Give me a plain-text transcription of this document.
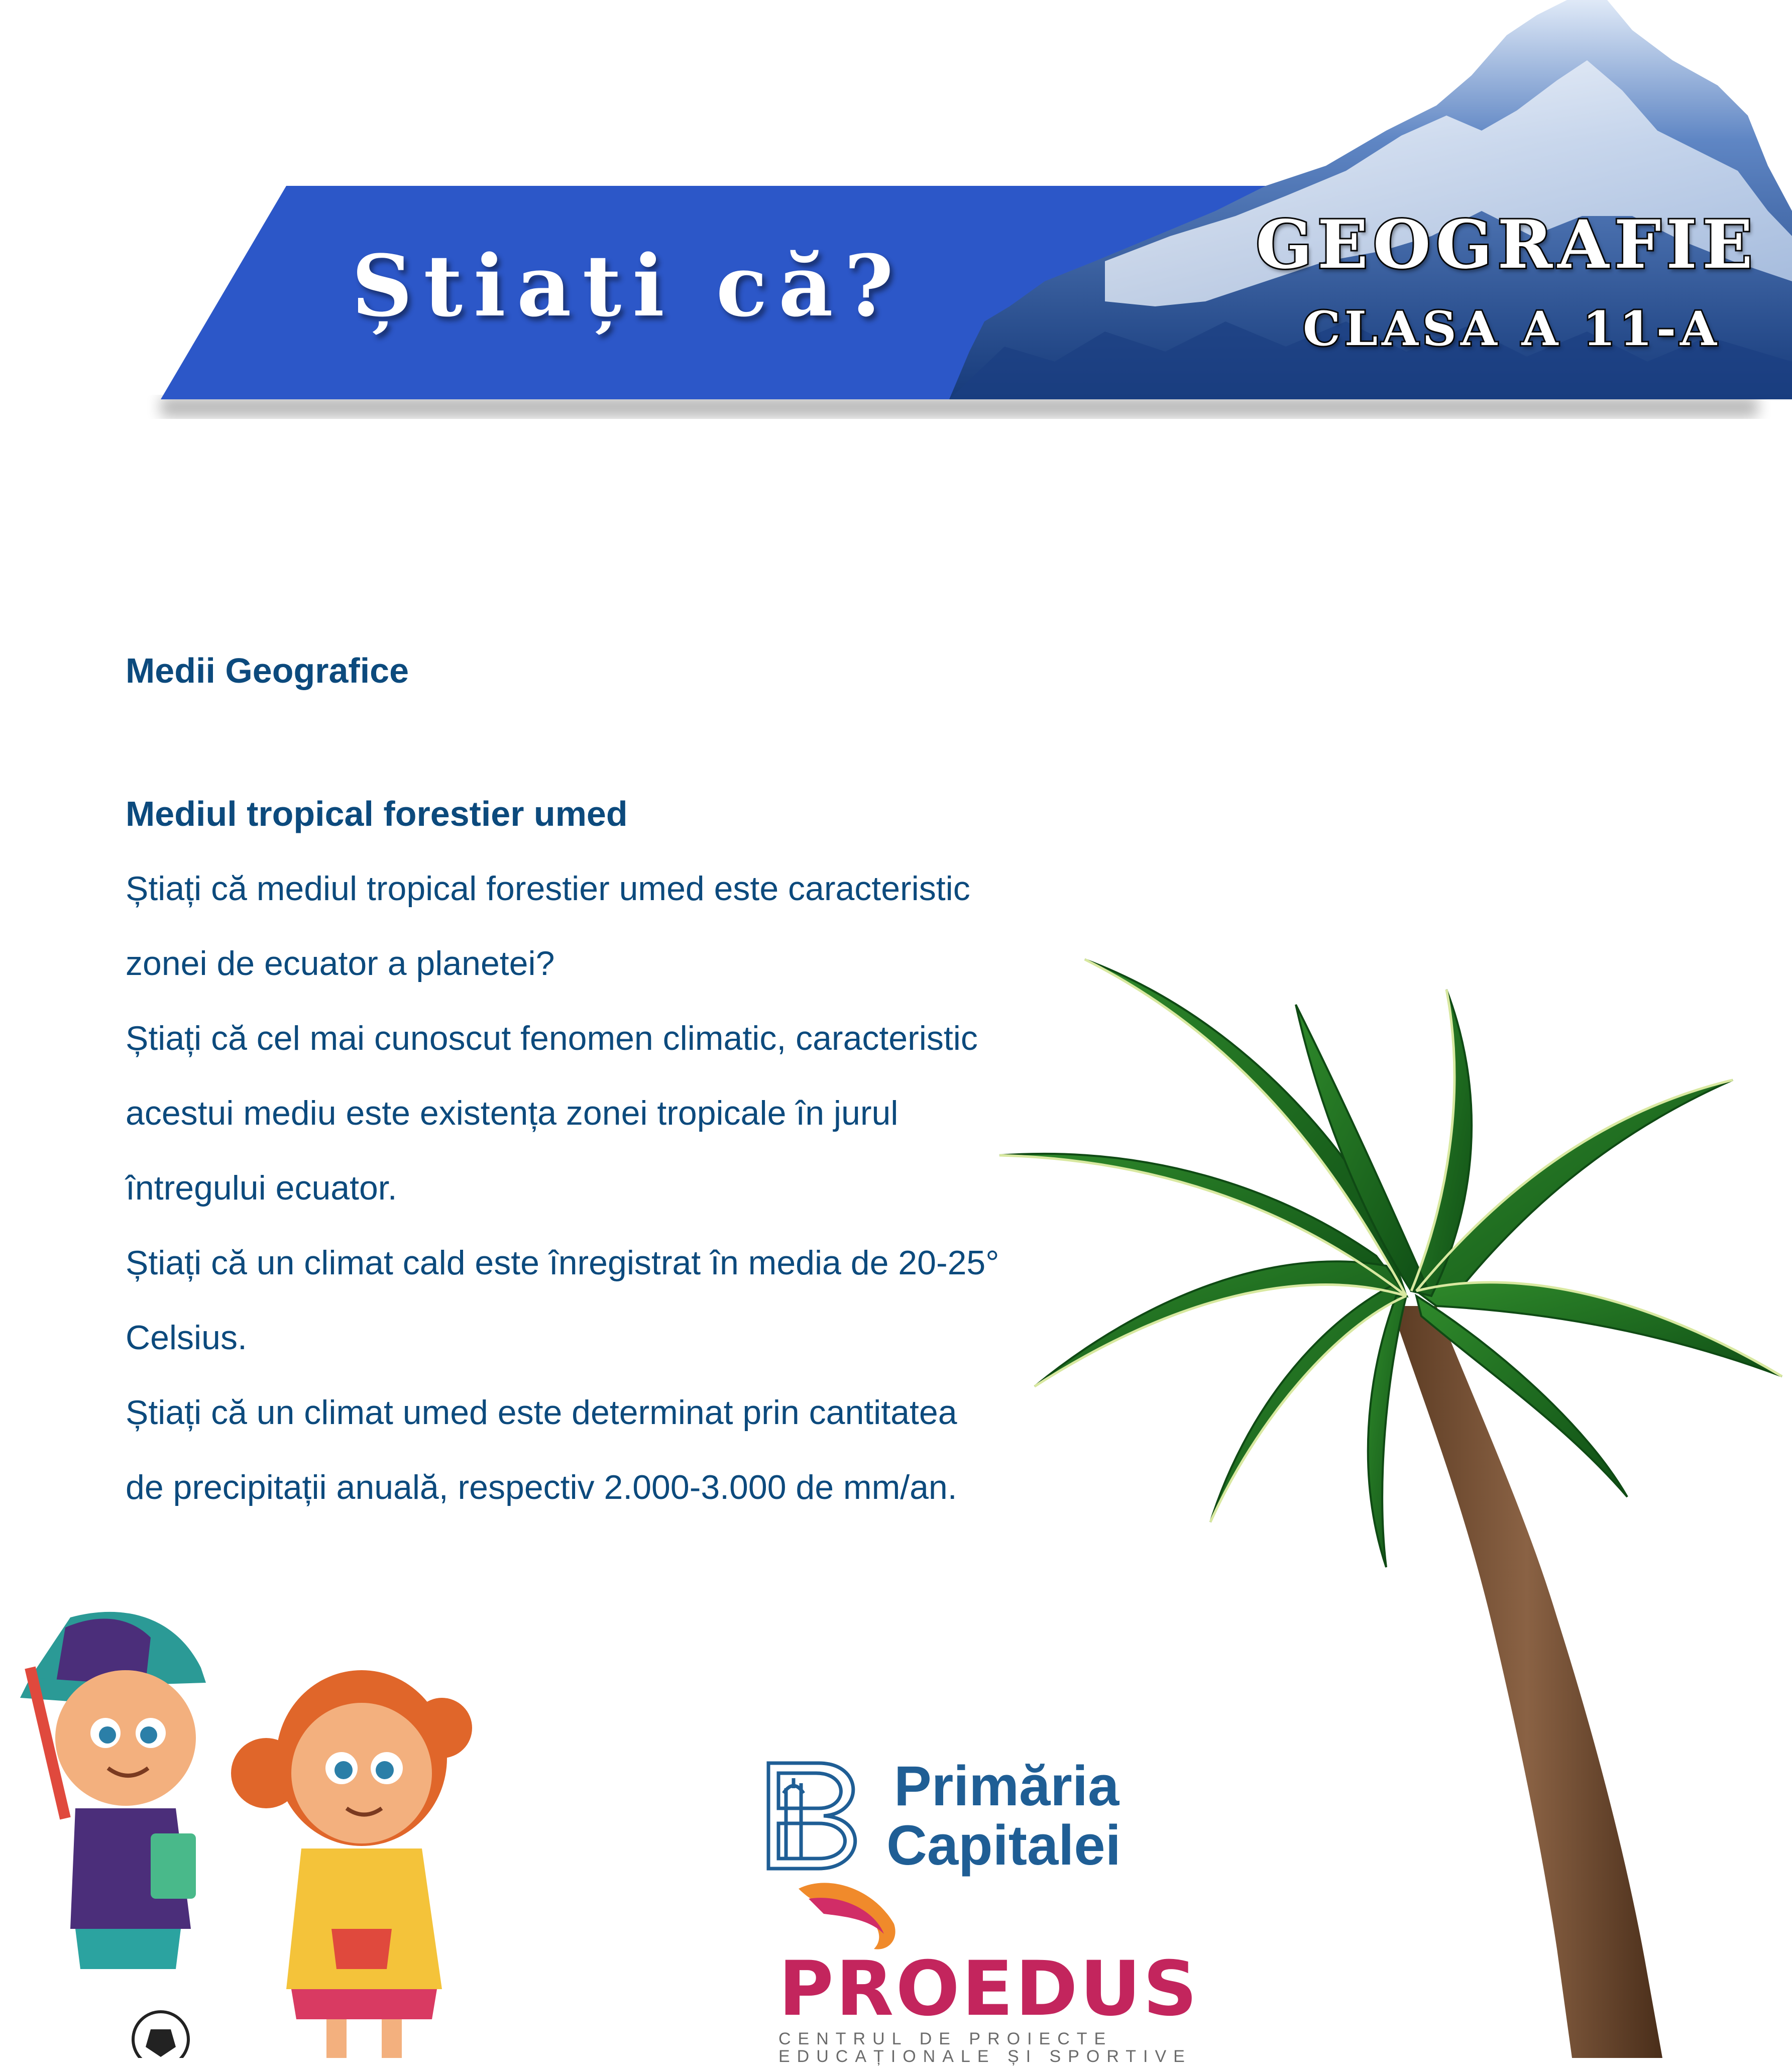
Știați că?	GEOGRAFIE

CLASA A 11-A

Medii Geografice
Mediul tropical forestier umed

Știați că mediul tropical forestier umed este caracteristic

zonei de ecuator a planetei?

Știați că cel mai cunoscut fenomen climatic, caracteristic

acestui mediu este existența zonei tropicale în jurul

întregului ecuator.

Știați că un climat cald este înregistrat în media de 20-25°

Celsius.

Știați că un climat umed este determinat prin cantitatea

de precipitații anuală, respectiv 2.000-3.000 de mm/an.

Primăria

Capitalei

PROEDUS

CENTRUL DE PROIECTE

EDUCAȚIONALE ȘI SPORTIVE
